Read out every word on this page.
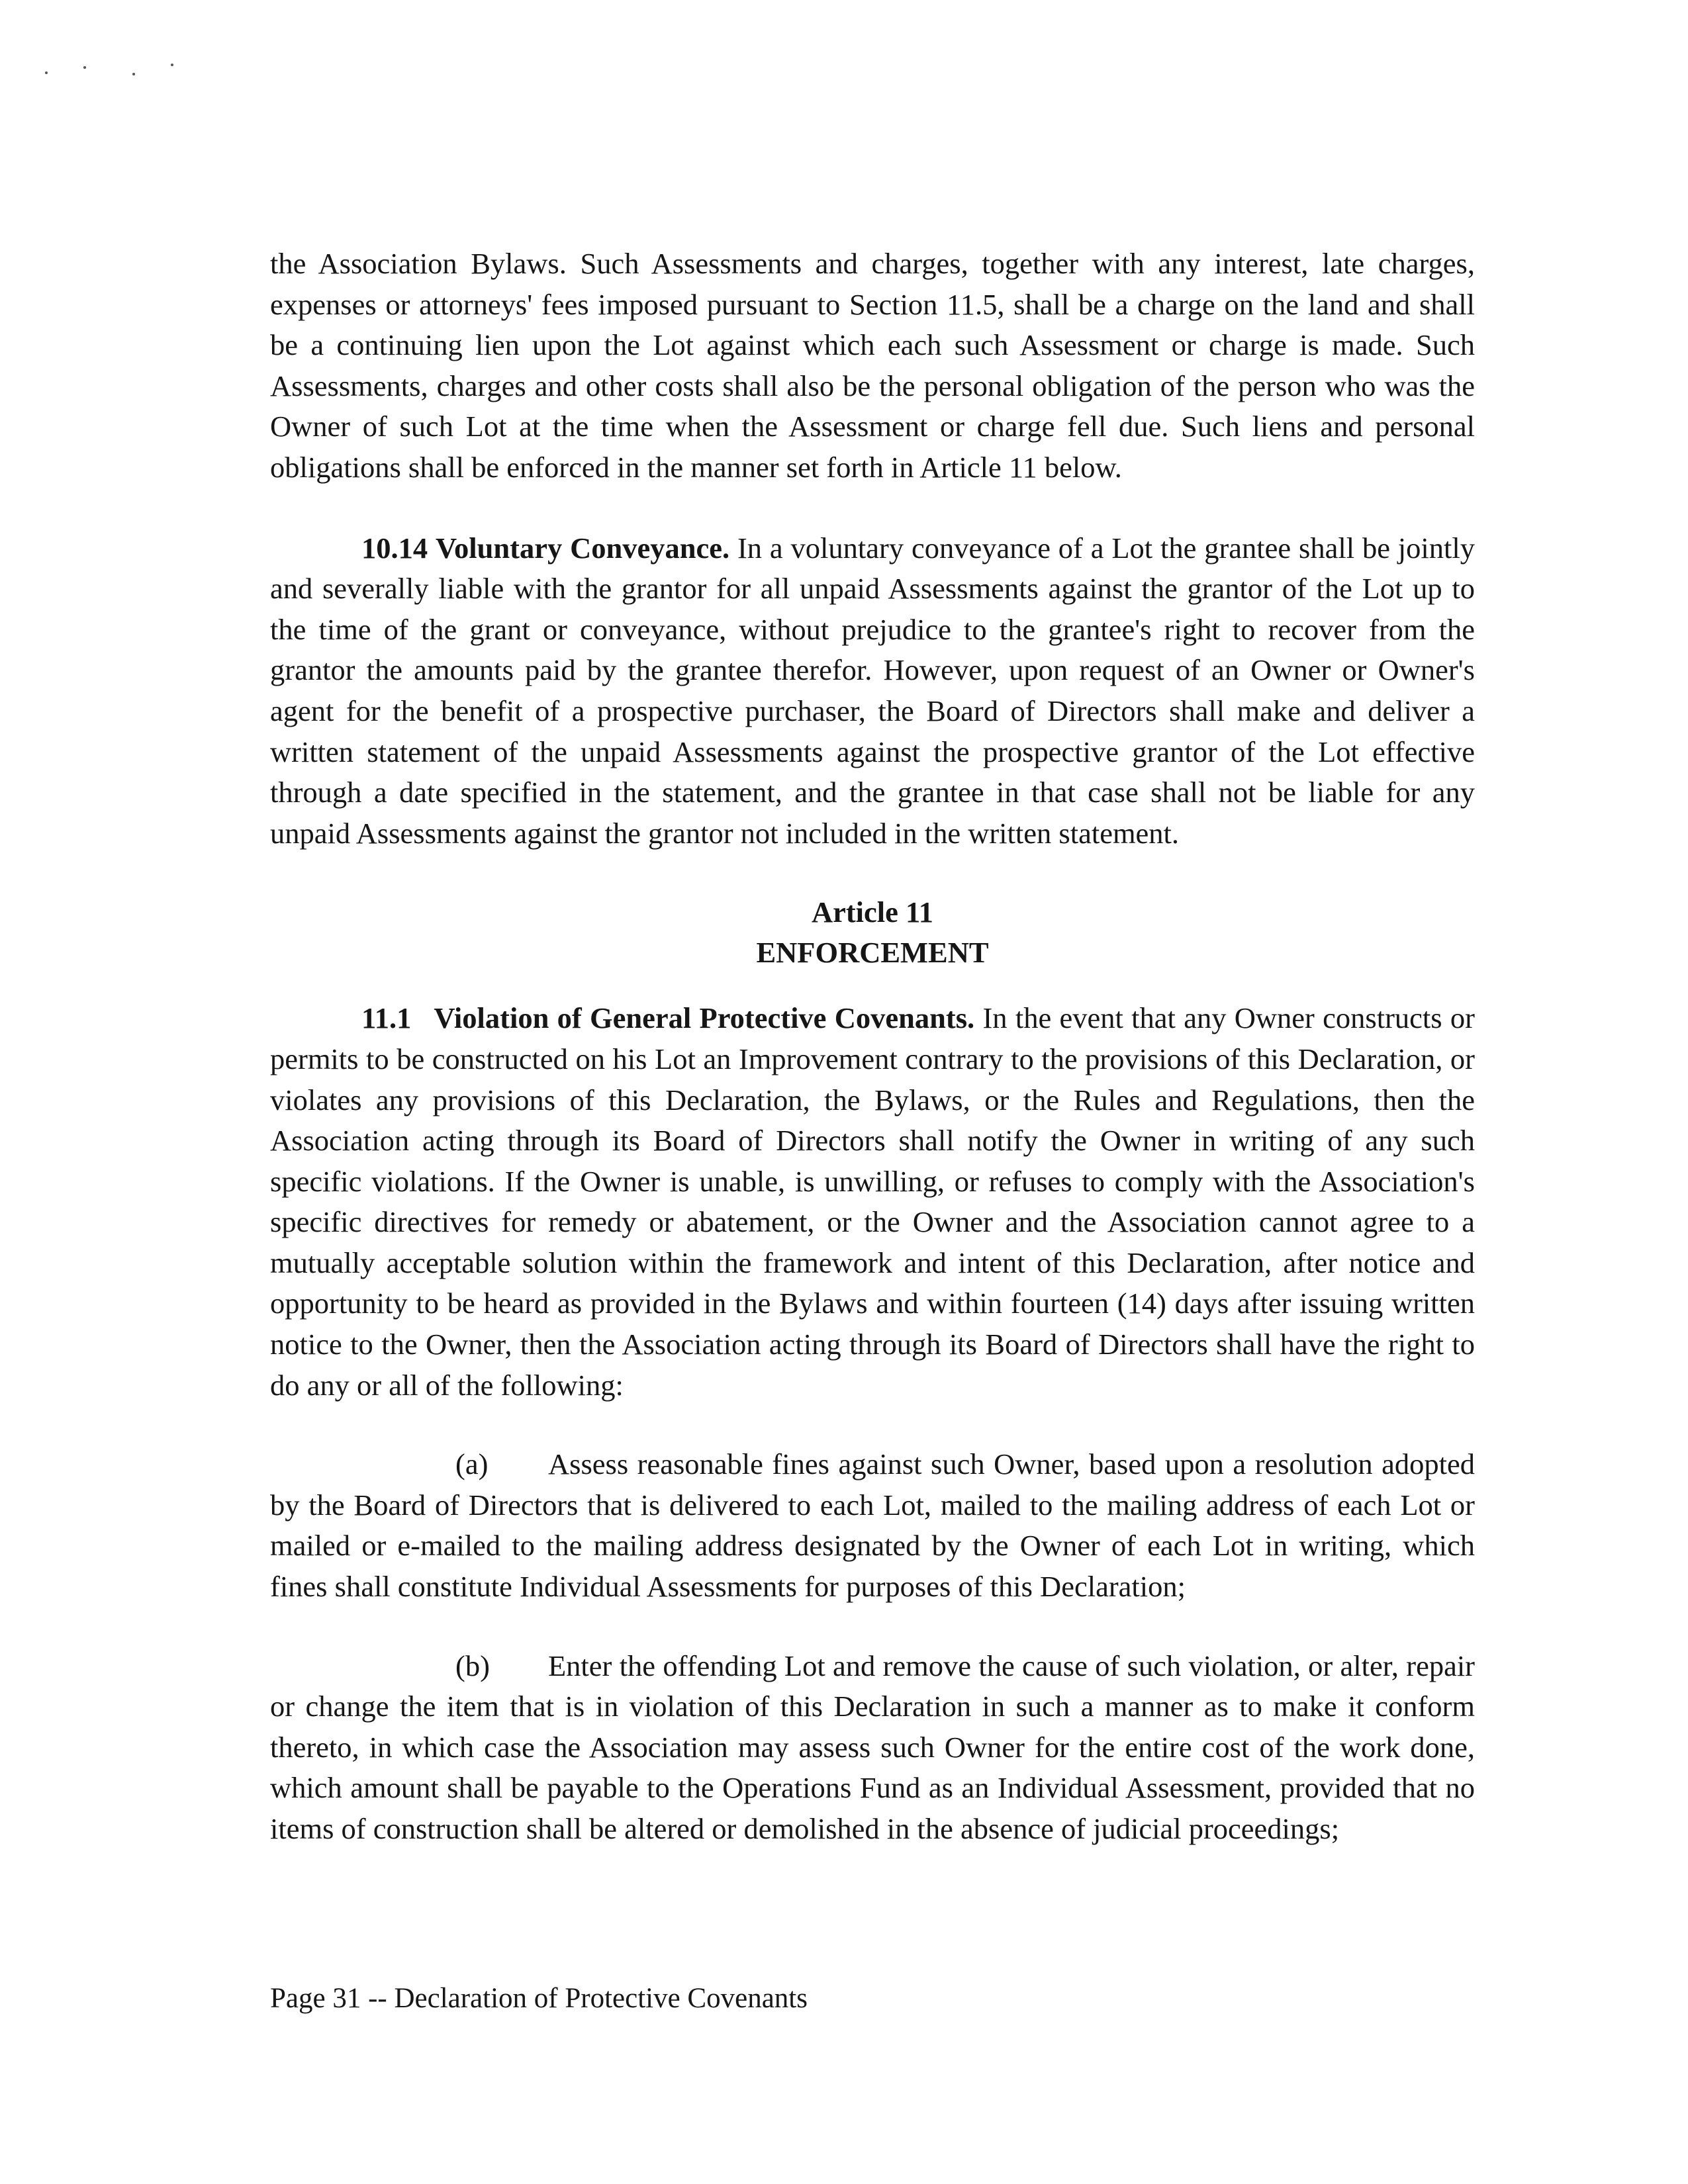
the Association Bylaws. Such Assessments and charges, together with any interest, late charges, expenses or attorneys' fees imposed pursuant to Section 11.5, shall be a charge on the land and shall be a continuing lien upon the Lot against which each such Assessment or charge is made. Such Assessments, charges and other costs shall also be the personal obligation of the person who was the Owner of such Lot at the time when the Assessment or charge fell due. Such liens and personal obligations shall be enforced in the manner set forth in Article 11 below.

10.14 Voluntary Conveyance. In a voluntary conveyance of a Lot the grantee shall be jointly and severally liable with the grantor for all unpaid Assessments against the grantor of the Lot up to the time of the grant or conveyance, without prejudice to the grantee's right to recover from the grantor the amounts paid by the grantee therefor. However, upon request of an Owner or Owner's agent for the benefit of a prospective purchaser, the Board of Directors shall make and deliver a written statement of the unpaid Assessments against the prospective grantor of the Lot effective through a date specified in the statement, and the grantee in that case shall not be liable for any unpaid Assessments against the grantor not included in the written statement.

Article 11
ENFORCEMENT

11.1 Violation of General Protective Covenants. In the event that any Owner constructs or permits to be constructed on his Lot an Improvement contrary to the provisions of this Declaration, or violates any provisions of this Declaration, the Bylaws, or the Rules and Regulations, then the Association acting through its Board of Directors shall notify the Owner in writing of any such specific violations. If the Owner is unable, is unwilling, or refuses to comply with the Association's specific directives for remedy or abatement, or the Owner and the Association cannot agree to a mutually acceptable solution within the framework and intent of this Declaration, after notice and opportunity to be heard as provided in the Bylaws and within fourteen (14) days after issuing written notice to the Owner, then the Association acting through its Board of Directors shall have the right to do any or all of the following:

(a) Assess reasonable fines against such Owner, based upon a resolution adopted by the Board of Directors that is delivered to each Lot, mailed to the mailing address of each Lot or mailed or e-mailed to the mailing address designated by the Owner of each Lot in writing, which fines shall constitute Individual Assessments for purposes of this Declaration;

(b) Enter the offending Lot and remove the cause of such violation, or alter, repair or change the item that is in violation of this Declaration in such a manner as to make it conform thereto, in which case the Association may assess such Owner for the entire cost of the work done, which amount shall be payable to the Operations Fund as an Individual Assessment, provided that no items of construction shall be altered or demolished in the absence of judicial proceedings;

Page 31 -- Declaration of Protective Covenants
